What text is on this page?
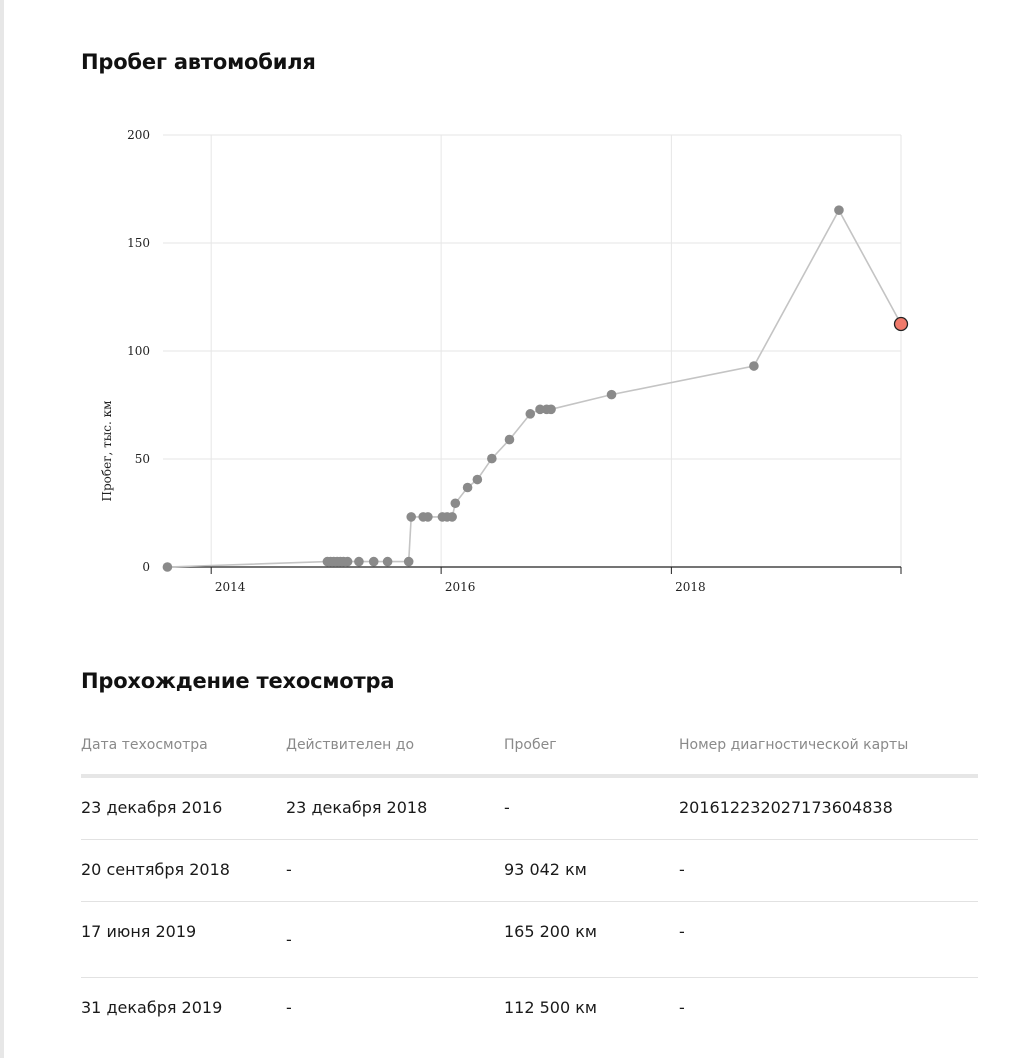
Пробег автомобиля
0
50
100
150
200
2014	2016	2018
Пробег, тыс. км
Прохождение техосмотра
Дата техосмотра	Действителен до	Пробег	Номер диагностической карты
23 декабря 2016	23 декабря 2018	-	201612232027173604838
20 сентября 2018	-	93 042 км	-
17 июня 2019	-	165 200 км	-
31 декабря 2019	-	112 500 км	-
